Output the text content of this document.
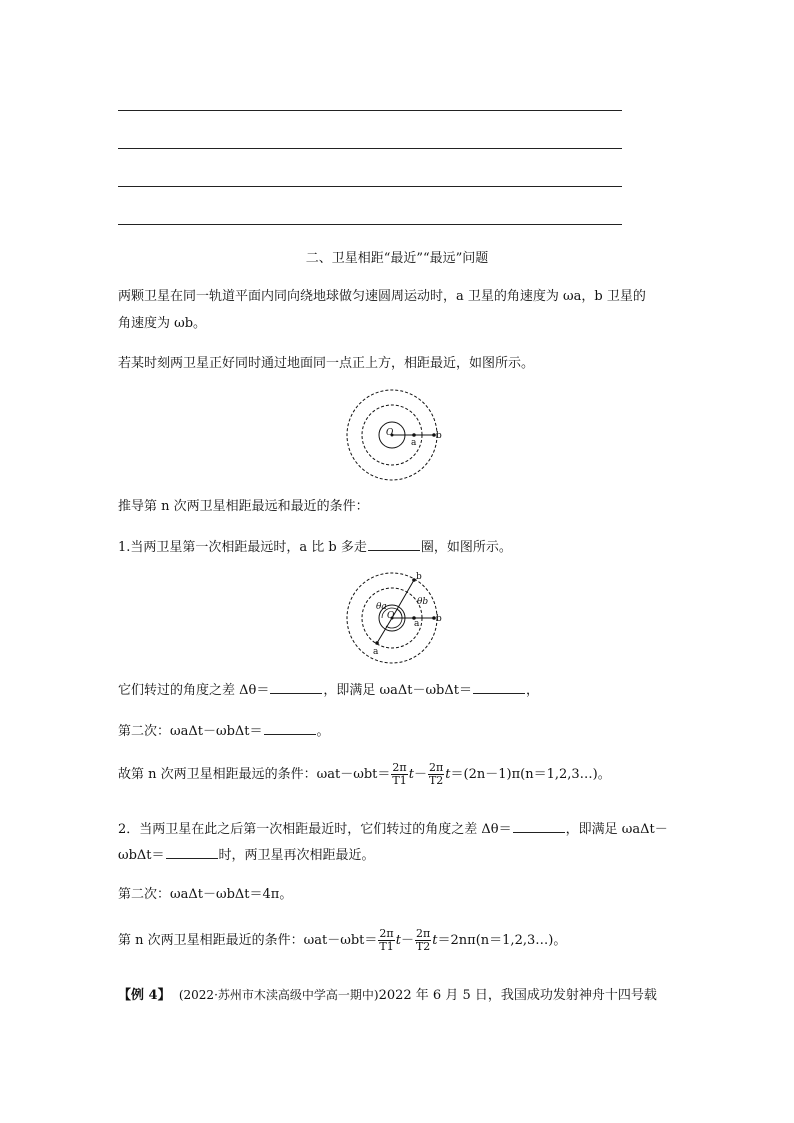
二、卫星相距“最近”“最远”问题
两颗卫星在同一轨道平面内同向绕地球做匀速圆周运动时，a 卫星的角速度为 ωa，b 卫星的
角速度为 ωb。
若某时刻两卫星正好同时通过地面同一点正上方，相距最近，如图所示。
O
a
b
推导第 n 次两卫星相距最远和最近的条件：
1.当两卫星第一次相距最远时，a 比 b 多走	圈，如图所示。
O
b
a b
a
θa	θb
它们转过的角度之差 Δθ＝	，即满足 ωaΔt－ωbΔt＝	，
第二次：ωaΔt－ωbΔt＝	。
故第 n 次两卫星相距最远的条件：$\omega at-\omega bt= \frac{2\pi}{T1} t- \frac{2\pi}{T2}$ t＝(2n－1)π(n＝1,2,3…)。
2．当两卫星在此之后第一次相距最近时，它们转过的角度之差 Δθ＝	，即满足 ωaΔt－
ωbΔt＝	时，两卫星再次相距最近。
第二次：ωaΔt－ωbΔt＝4π。
第 n 次两卫星相距最近的条件：$\omega at-\omega bt= \frac{2\pi}{T1} t- \frac{2\pi}{T2}$ t＝2nπ(n＝1,2,3…)。
【例 4】 (2022·苏州市木渎高级中学高一期中)2022 年 6 月 5 日，我国成功发射神舟十四号载
